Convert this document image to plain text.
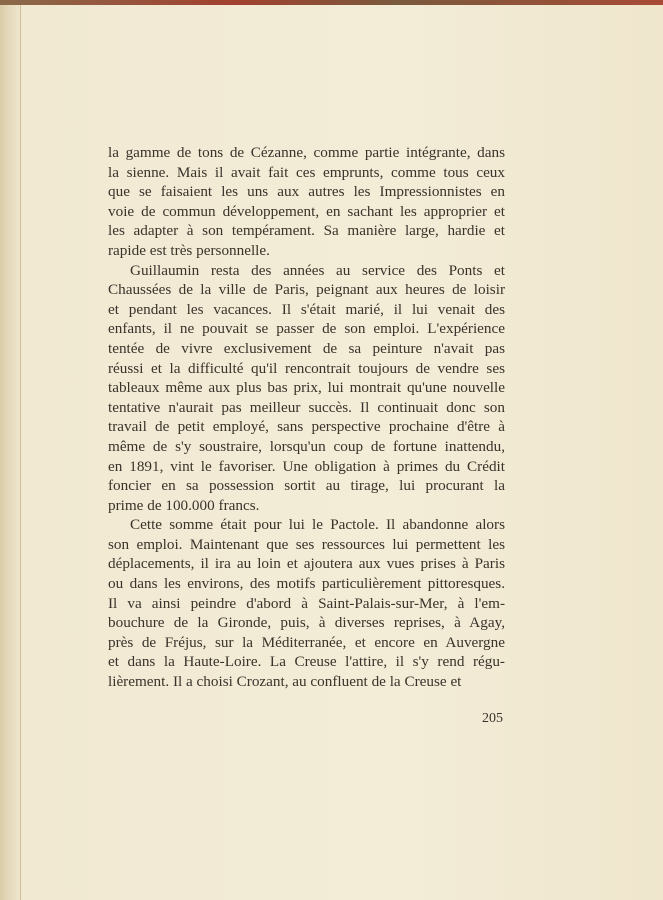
la gamme de tons de Cézanne, comme partie intégrante, dans
la sienne. Mais il avait fait ces emprunts, comme tous ceux
que se faisaient les uns aux autres les Impressionnistes en
voie de commun développement, en sachant les approprier et
les adapter à son tempérament. Sa manière large, hardie et
rapide est très personnelle.
Guillaumin resta des années au service des Ponts et
Chaussées de la ville de Paris, peignant aux heures de loisir
et pendant les vacances. Il s'était marié, il lui venait des
enfants, il ne pouvait se passer de son emploi. L'expérience
tentée de vivre exclusivement de sa peinture n'avait pas
réussi et la difficulté qu'il rencontrait toujours de vendre ses
tableaux même aux plus bas prix, lui montrait qu'une nouvelle
tentative n'aurait pas meilleur succès. Il continuait donc son
travail de petit employé, sans perspective prochaine d'être à
même de s'y soustraire, lorsqu'un coup de fortune inattendu,
en 1891, vint le favoriser. Une obligation à primes du Crédit
foncier en sa possession sortit au tirage, lui procurant la
prime de 100.000 francs.
Cette somme était pour lui le Pactole. Il abandonne alors
son emploi. Maintenant que ses ressources lui permettent les
déplacements, il ira au loin et ajoutera aux vues prises à Paris
ou dans les environs, des motifs particulièrement pittoresques.
Il va ainsi peindre d'abord à Saint-Palais-sur-Mer, à l'em-
bouchure de la Gironde, puis, à diverses reprises, à Agay,
près de Fréjus, sur la Méditerranée, et encore en Auvergne
et dans la Haute-Loire. La Creuse l'attire, il s'y rend régu-
lièrement. Il a choisi Crozant, au confluent de la Creuse et
205
